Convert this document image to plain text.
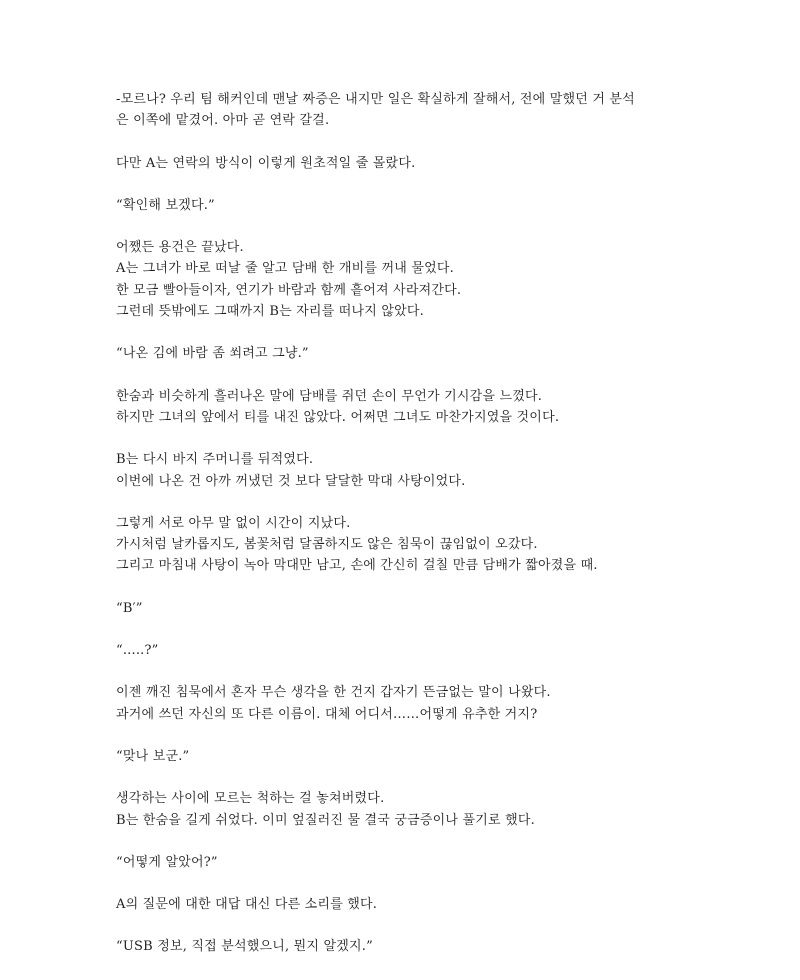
-모르나? 우리 팀 해커인데 맨날 짜증은 내지만 일은 확실하게 잘해서, 전에 말했던 거 분석
은 이쪽에 맡겼어. 아마 곧 연락 갈걸.
다만 A는 연락의 방식이 이렇게 원초적일 줄 몰랐다.
“확인해 보겠다.”
어쨌든 용건은 끝났다.
A는 그녀가 바로 떠날 줄 알고 담배 한 개비를 꺼내 물었다.
한 모금 빨아들이자, 연기가 바람과 함께 흩어져 사라져간다.
그런데 뜻밖에도 그때까지 B는 자리를 떠나지 않았다.
“나온 김에 바람 좀 쐬려고 그냥.”
한숨과 비슷하게 흘러나온 말에 담배를 쥐던 손이 무언가 기시감을 느꼈다.
하지만 그녀의 앞에서 티를 내진 않았다. 어쩌면 그녀도 마찬가지였을 것이다.
B는 다시 바지 주머니를 뒤적였다.
이번에 나온 건 아까 꺼냈던 것 보다 달달한 막대 사탕이었다.
그렇게 서로 아무 말 없이 시간이 지났다.
가시처럼 날카롭지도, 봄꽃처럼 달콤하지도 않은 침묵이 끊임없이 오갔다.
그리고 마침내 사탕이 녹아 막대만 남고, 손에 간신히 걸칠 만큼 담배가 짧아졌을 때.
“B′”
“.....?”
이젠 깨진 침묵에서 혼자 무슨 생각을 한 건지 갑자기 뜬금없는 말이 나왔다.
과거에 쓰던 자신의 또 다른 이름이. 대체 어디서……어떻게 유추한 거지?
“맞나 보군.”
생각하는 사이에 모르는 척하는 걸 놓쳐버렸다.
B는 한숨을 길게 쉬었다. 이미 엎질러진 물 결국 궁금증이나 풀기로 했다.
“어떻게 알았어?”
A의 질문에 대한 대답 대신 다른 소리를 했다.
“USB 정보, 직접 분석했으니, 뭔지 알겠지.”
